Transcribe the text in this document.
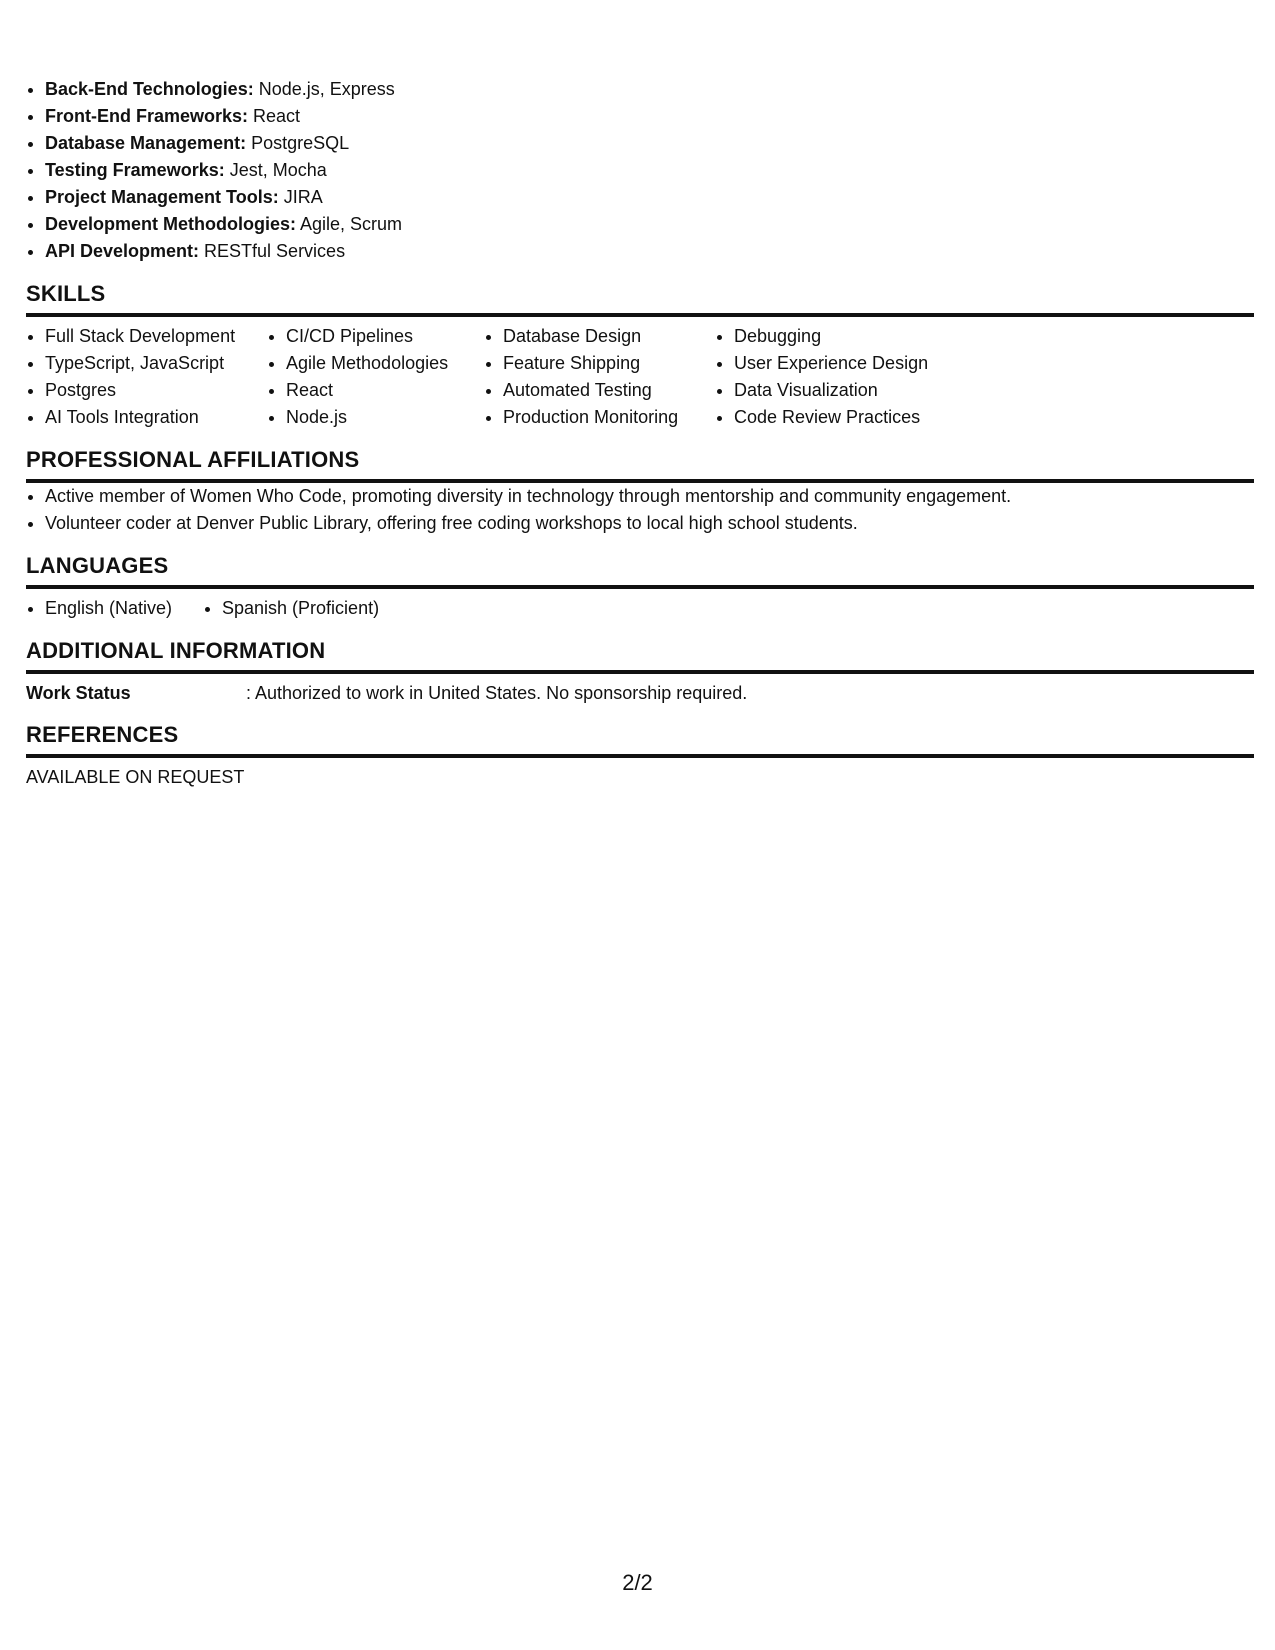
• Back-End Technologies: Node.js, Express
• Front-End Frameworks: React
• Database Management: PostgreSQL
• Testing Frameworks: Jest, Mocha
• Project Management Tools: JIRA
• Development Methodologies: Agile, Scrum
• API Development: RESTful Services
SKILLS
• Full Stack Development
• TypeScript, JavaScript
• Postgres
• AI Tools Integration
• CI/CD Pipelines
• Agile Methodologies
• React
• Node.js
• Database Design
• Feature Shipping
• Automated Testing
• Production Monitoring
• Debugging
• User Experience Design
• Data Visualization
• Code Review Practices
PROFESSIONAL AFFILIATIONS
• Active member of Women Who Code, promoting diversity in technology through mentorship and community engagement.
• Volunteer coder at Denver Public Library, offering free coding workshops to local high school students.
LANGUAGES
• English (Native)
•	Spanish (Proficient)
ADDITIONAL INFORMATION
Work Status	: Authorized to work in United States. No sponsorship required.
REFERENCES
AVAILABLE ON REQUEST
2/2
